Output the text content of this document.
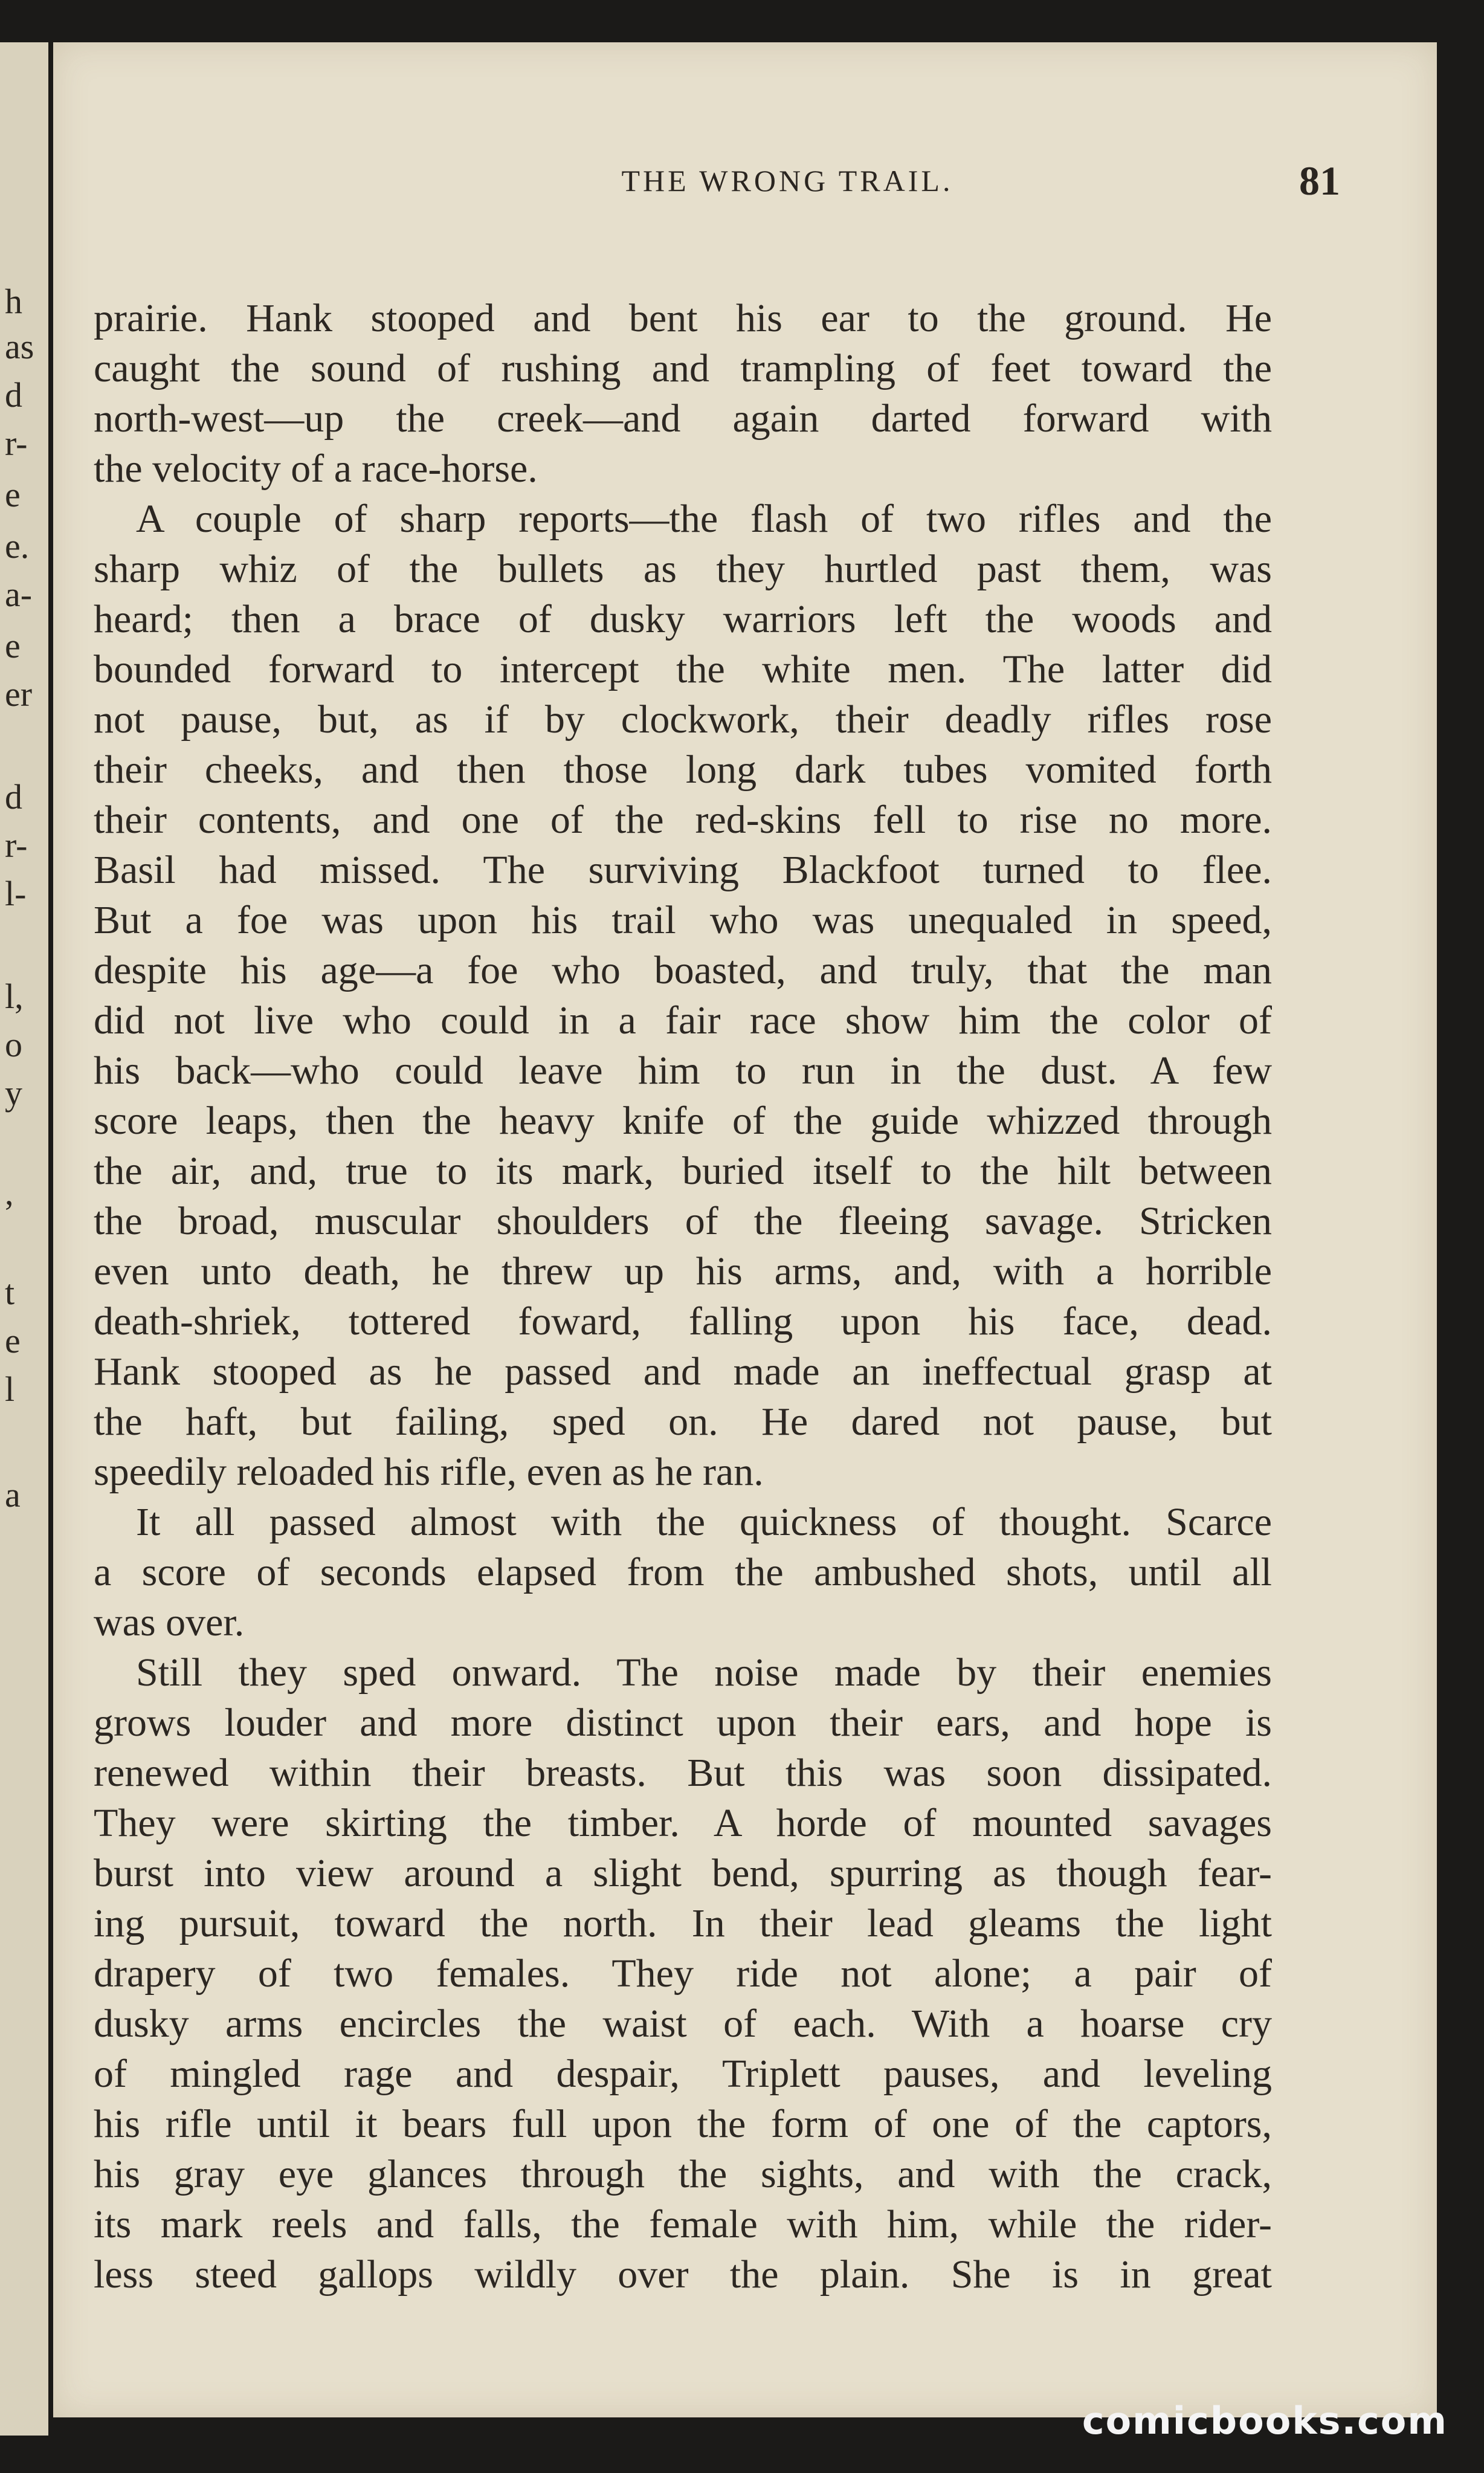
h
as
d
r-
e
e.
a-
e
er
d
r-
l-
l,
o
y
,
t
e
l
a
THE WRONG TRAIL.	81
prairie. Hank stooped and bent his ear to the ground. He
caught the sound of rushing and trampling of feet toward the
north-west—up the creek—and again darted forward with
the velocity of a race-horse.
A couple of sharp reports—the flash of two rifles and the
sharp whiz of the bullets as they hurtled past them, was
heard; then a brace of dusky warriors left the woods and
bounded forward to intercept the white men. The latter did
not pause, but, as if by clockwork, their deadly rifles rose
their cheeks, and then those long dark tubes vomited forth
their contents, and one of the red-skins fell to rise no more.
Basil had missed. The surviving Blackfoot turned to flee.
But a foe was upon his trail who was unequaled in speed,
despite his age—a foe who boasted, and truly, that the man
did not live who could in a fair race show him the color of
his back—who could leave him to run in the dust. A few
score leaps, then the heavy knife of the guide whizzed through
the air, and, true to its mark, buried itself to the hilt between
the broad, muscular shoulders of the fleeing savage. Stricken
even unto death, he threw up his arms, and, with a horrible
death-shriek, tottered foward, falling upon his face, dead.
Hank stooped as he passed and made an ineffectual grasp at
the haft, but failing, sped on. He dared not pause, but
speedily reloaded his rifle, even as he ran.
It all passed almost with the quickness of thought. Scarce
a score of seconds elapsed from the ambushed shots, until all
was over.
Still they sped onward. The noise made by their enemies
grows louder and more distinct upon their ears, and hope is
renewed within their breasts. But this was soon dissipated.
They were skirting the timber. A horde of mounted savages
burst into view around a slight bend, spurring as though fear-
ing pursuit, toward the north. In their lead gleams the light
drapery of two females. They ride not alone; a pair of
dusky arms encircles the waist of each. With a hoarse cry
of mingled rage and despair, Triplett pauses, and leveling
his rifle until it bears full upon the form of one of the captors,
his gray eye glances through the sights, and with the crack,
its mark reels and falls, the female with him, while the rider-
less steed gallops wildly over the plain. She is in great
comicbooks.com
